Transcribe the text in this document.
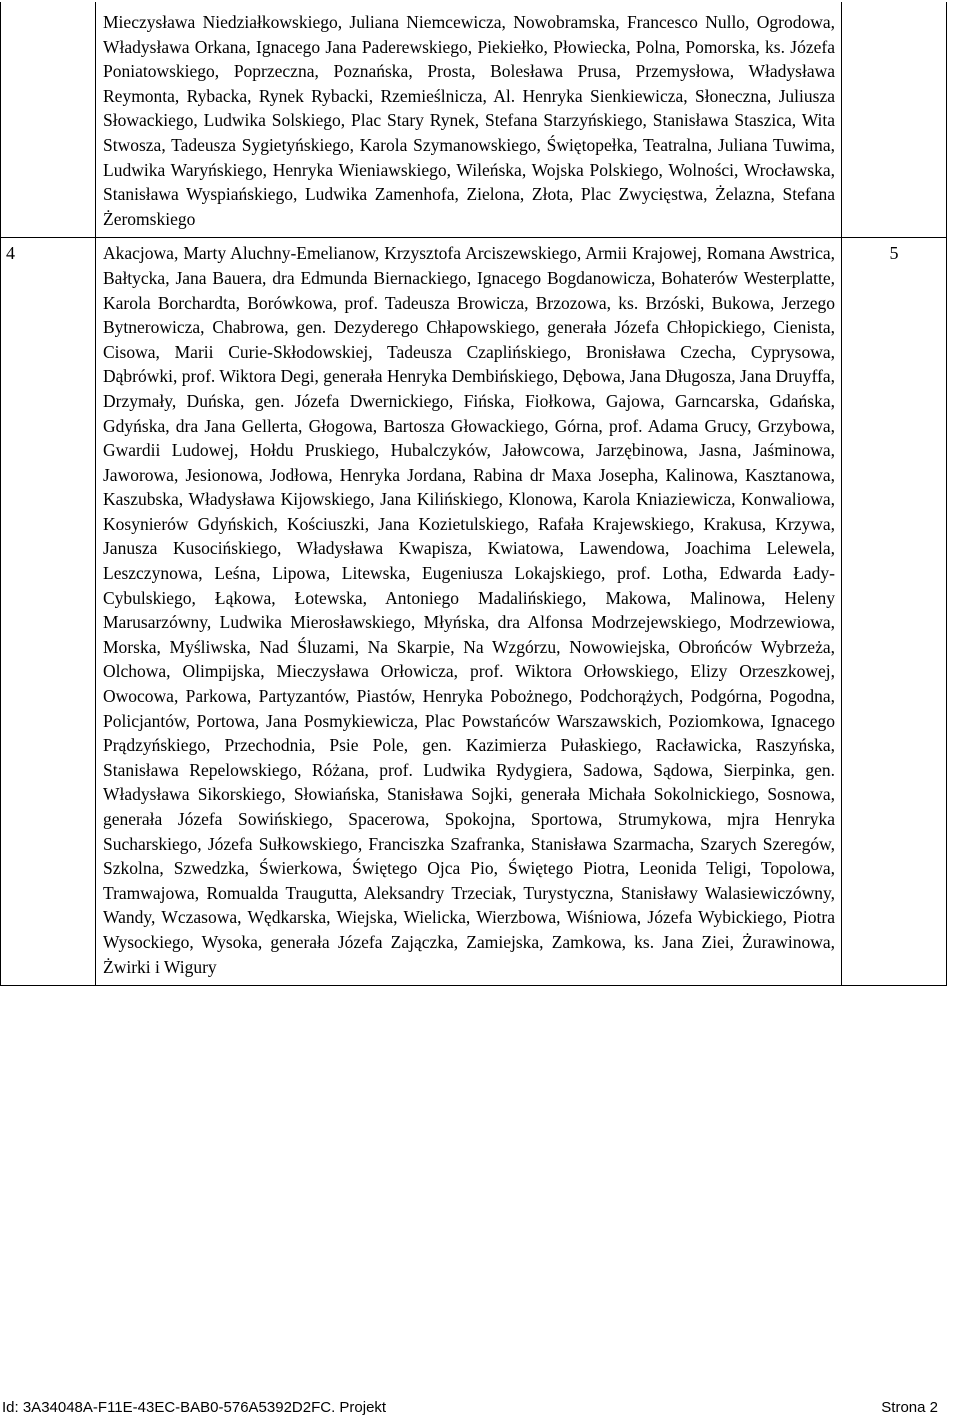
	Mieczysława Niedziałkowskiego, Juliana Niemcewicza, Nowobramska, Francesco Nullo, Ogrodowa, Władysława Orkana, Ignacego Jana Paderewskiego, Piekiełko, Płowiecka, Polna, Pomorska, ks. Józefa Poniatowskiego, Poprzeczna, Poznańska, Prosta, Bolesława Prusa, Przemysłowa, Władysława Reymonta, Rybacka, Rynek Rybacki, Rzemieślnicza, Al. Henryka Sienkiewicza, Słoneczna, Juliusza Słowackiego, Ludwika Solskiego, Plac Stary Rynek, Stefana Starzyńskiego, Stanisława Staszica, Wita Stwosza, Tadeusza Sygietyńskiego, Karola Szymanowskiego, Świętopełka, Teatralna, Juliana Tuwima, Ludwika Waryńskiego, Henryka Wieniawskiego, Wileńska, Wojska Polskiego, Wolności, Wrocławska, Stanisława Wyspiańskiego, Ludwika Zamenhofa, Zielona, Złota, Plac Zwycięstwa, Żelazna, Stefana Żeromskiego	

4	Akacjowa, Marty Aluchny-Emelianow, Krzysztofa Arciszewskiego, Armii Krajowej, Romana Awstrica, Bałtycka, Jana Bauera, dra Edmunda Biernackiego, Ignacego Bogdanowicza, Bohaterów Westerplatte, Karola Borchardta, Borówkowa, prof. Tadeusza Browicza, Brzozowa, ks. Brzóski, Bukowa, Jerzego Bytnerowicza, Chabrowa, gen. Dezyderego Chłapowskiego, generała Józefa Chłopickiego, Cienista, Cisowa, Marii Curie-Skłodowskiej, Tadeusza Czaplińskiego, Bronisława Czecha, Cyprysowa, Dąbrówki, prof. Wiktora Degi, generała Henryka Dembińskiego, Dębowa, Jana Długosza, Jana Druyffa, Drzymały, Duńska, gen. Józefa Dwernickiego, Fińska, Fiołkowa, Gajowa, Garncarska, Gdańska, Gdyńska, dra Jana Gellerta, Głogowa, Bartosza Głowackiego, Górna, prof. Adama Grucy, Grzybowa, Gwardii Ludowej, Hołdu Pruskiego, Hubalczyków, Jałowcowa, Jarzębinowa, Jasna, Jaśminowa, Jaworowa, Jesionowa, Jodłowa, Henryka Jordana, Rabina dr Maxa Josepha, Kalinowa, Kasztanowa, Kaszubska, Władysława Kijowskiego, Jana Kilińskiego, Klonowa, Karola Kniaziewicza, Konwaliowa, Kosynierów Gdyńskich, Kościuszki, Jana Kozietulskiego, Rafała Krajewskiego, Krakusa, Krzywa, Janusza Kusocińskiego, Władysława Kwapisza, Kwiatowa, Lawendowa, Joachima Lelewela, Leszczynowa, Leśna, Lipowa, Litewska, Eugeniusza Lokajskiego, prof. Lotha, Edwarda Łady-Cybulskiego, Łąkowa, Łotewska, Antoniego Madalińskiego, Makowa, Malinowa, Heleny Marusarzówny, Ludwika Mierosławskiego, Młyńska, dra Alfonsa Modrzejewskiego, Modrzewiowa, Morska, Myśliwska, Nad Śluzami, Na Skarpie, Na Wzgórzu, Nowowiejska, Obrońców Wybrzeża, Olchowa, Olimpijska, Mieczysława Orłowicza, prof. Wiktora Orłowskiego, Elizy Orzeszkowej, Owocowa, Parkowa, Partyzantów, Piastów, Henryka Pobożnego, Podchorążych, Podgórna, Pogodna, Policjantów, Portowa, Jana Posmykiewicza, Plac Powstańców Warszawskich, Poziomkowa, Ignacego Prądzyńskiego, Przechodnia, Psie Pole, gen. Kazimierza Pułaskiego, Racławicka, Raszyńska, Stanisława Repelowskiego, Różana, prof. Ludwika Rydygiera, Sadowa, Sądowa, Sierpinka, gen. Władysława Sikorskiego, Słowiańska, Stanisława Sojki, generała Michała Sokolnickiego, Sosnowa, generała Józefa Sowińskiego, Spacerowa, Spokojna, Sportowa, Strumykowa, mjra Henryka Sucharskiego, Józefa Sułkowskiego, Franciszka Szafranka, Stanisława Szarmacha, Szarych Szeregów, Szkolna, Szwedzka, Świerkowa, Świętego Ojca Pio, Świętego Piotra, Leonida Teligi, Topolowa, Tramwajowa, Romualda Traugutta, Aleksandry Trzeciak, Turystyczna, Stanisławy Walasiewiczówny, Wandy, Wczasowa, Wędkarska, Wiejska, Wielicka, Wierzbowa, Wiśniowa, Józefa Wybickiego, Piotra Wysockiego, Wysoka, generała Józefa Zajączka, Zamiejska, Zamkowa, ks. Jana Ziei, Żurawinowa, Żwirki i Wigury	5
Id: 3A34048A-F11E-43EC-BAB0-576A5392D2FC. Projekt	Strona 2
